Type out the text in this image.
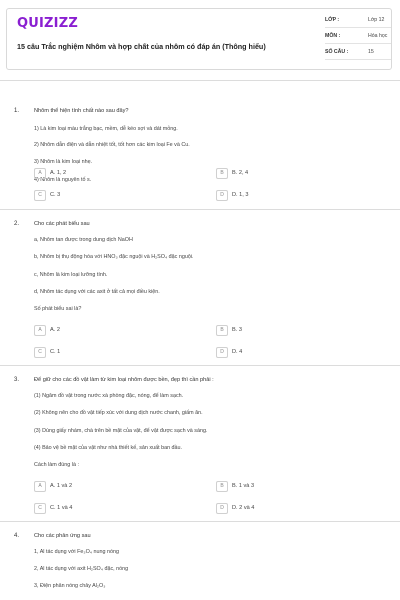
QUIZIZZ
15 câu Trắc nghiệm Nhôm và hợp chất của nhôm có đáp án (Thông hiểu)
LỚP :	Lớp 12
MÔN :	Hóa học
SỐ CÂU :	15
1.	Nhôm thể hiện tính chất nào sau đây?
1) Là kim loại màu trắng bạc, mềm, dễ kéo sợi và dát mỏng.
2) Nhôm dẫn điện và dẫn nhiệt tốt, tốt hơn các kim loại Fe và Cu.
3) Nhôm là kim loại nhẹ.
4) Nhôm là nguyên tố s.
A	A. 1, 2	B	B. 2, 4
C	C. 3	D	D. 1, 3
2.	Cho các phát biểu sau
a, Nhôm tan được trong dung dịch NaOH
b, Nhôm bị thụ động hóa với HNO₃ đặc nguội và H₂SO₄ đặc nguội.
c, Nhôm là kim loại lưỡng tính.
d, Nhôm tác dụng với các axit ở tất cả mọi điều kiện.
Số phát biểu sai là?
A	A. 2	B	B. 3
C	C. 1	D	D. 4
3.	Để giữ cho các đồ vật làm từ kim loại nhôm được bền, đẹp thì cần phải :
(1) Ngâm đồ vật trong nước xà phòng đặc, nóng, để làm sạch.
(2) Không nên cho đồ vật tiếp xúc với dung dịch nước chanh, giấm ăn.
(3) Dùng giấy nhám, chà trên bề mặt của vật, để vật được sạch và sáng.
(4) Bảo vệ bề mặt của vật như nhà thiết kế, sản xuất ban đầu.
Cách làm đúng là :
A	A. 1 và 2	B	B. 1 và 3
C	C. 1 và 4	D	D. 2 và 4
4.	Cho các phản ứng sau
1, Al tác dụng với Fe₃O₄ nung nóng
2, Al tác dụng với axit H₂SO₄ đặc, nóng
3, Điện phân nóng chảy Al₂O₃
